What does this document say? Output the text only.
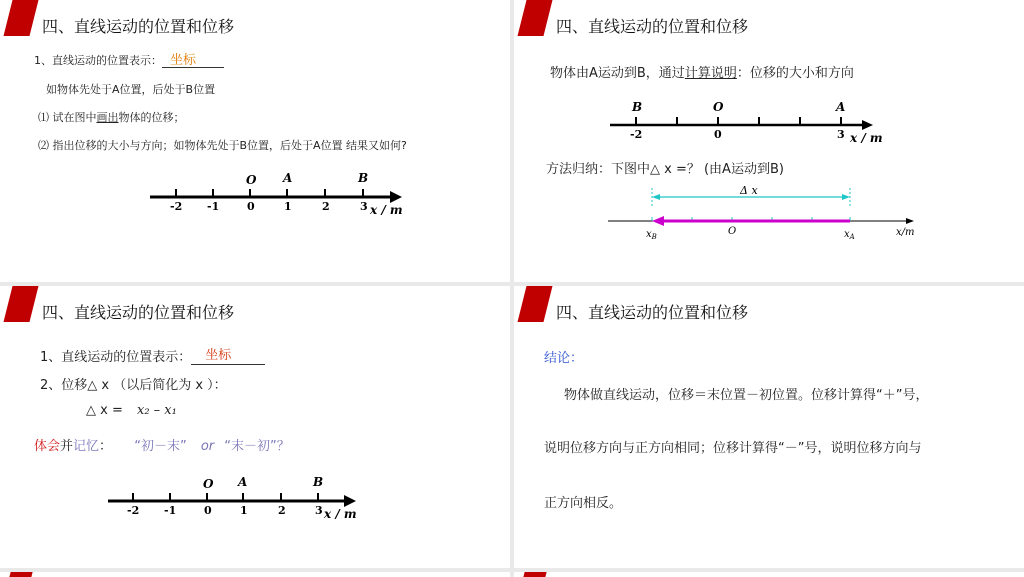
四、直线运动的位置和位移
1、直线运动的位置表示： 坐标
如物体先处于A位置，后处于B位置
⑴ 试在图中画出物体的位移；
⑵ 指出位移的大小与方向；如物体先处于B位置，后处于A位置 结果又如何?
-2 -1	0	1	2	3
O A	B
x / m
四、直线运动的位置和位移
物体由A运动到B，通过计算说明：位移的大小和方向
-2	0	3
B	O	A
x / m
方法归纳：下图中△ x =？ (由A运动到B)
Δ x
$x_B$	O	$x_A$	x/m
四、直线运动的位置和位移
1、直线运动的位置表示： 坐标
2、位移△ x （以后简化为 x ）：
△ x = x₂ – x₁
体会并记忆： “初－末” or “末－初”？
-2 -1	0	1	2	3
O A	B
x / m
四、直线运动的位置和位移
结论：
物体做直线运动，位移＝末位置－初位置。位移计算得“＋”号，
说明位移方向与正方向相同；位移计算得“－”号，说明位移方向与
正方向相反。
